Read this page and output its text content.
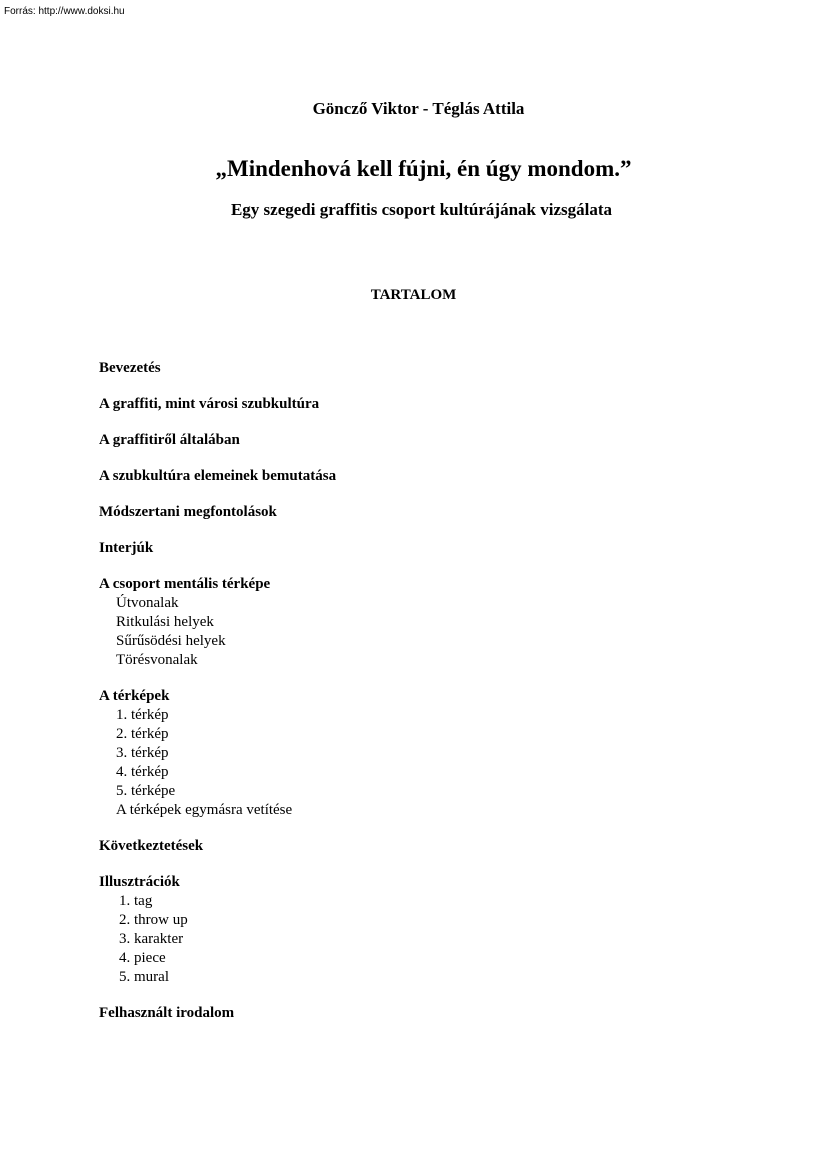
Forrás: http://www.doksi.hu
Göncző Viktor - Téglás Attila
„Mindenhová kell fújni, én úgy mondom.”
Egy szegedi graffitis csoport kultúrájának vizsgálata
TARTALOM
Bevezetés
A graffiti, mint városi szubkultúra
A graffitiről általában
A szubkultúra elemeinek bemutatása
Módszertani megfontolások
Interjúk
A csoport mentális térképe
Útvonalak
Ritkulási helyek
Sűrűsödési helyek
Törésvonalak
A térképek
1. térkép
2. térkép
3. térkép
4. térkép
5. térképe
A térképek egymásra vetítése
Következtetések
Illusztrációk
1. tag
2. throw up
3. karakter
4. piece
5. mural
Felhasznált irodalom
